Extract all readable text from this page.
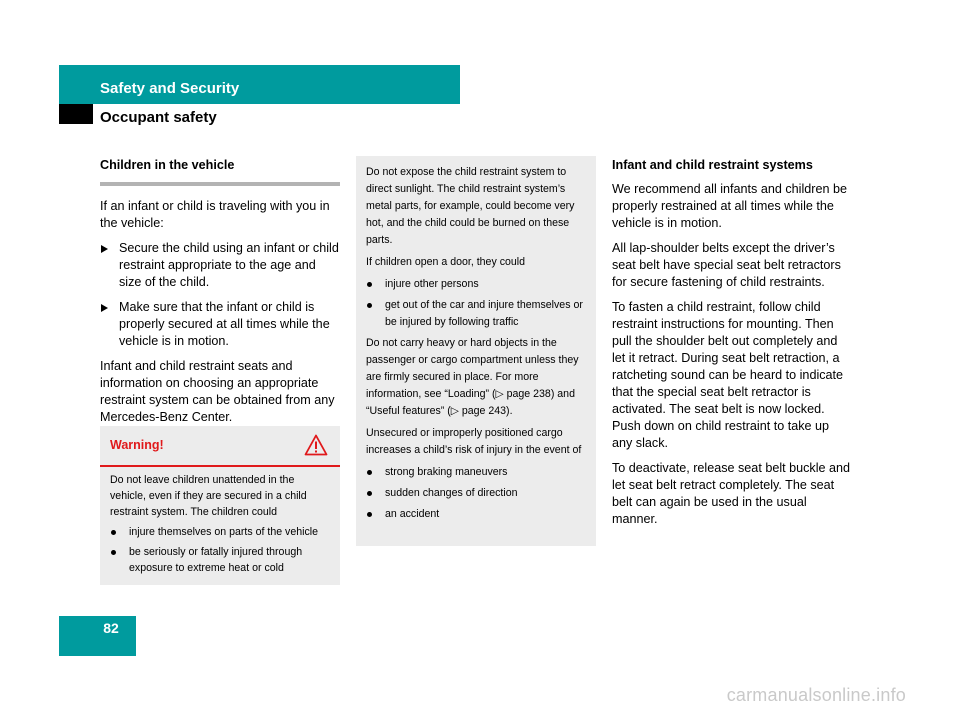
Safety and Security
Occupant safety

Children in the vehicle

If an infant or child is traveling with you in the vehicle:

Secure the child using an infant or child restraint appropriate to the age and size of the child.
Make sure that the infant or child is properly secured at all times while the vehicle is in motion.

Infant and child restraint seats and information on choosing an appropriate restraint system can be obtained from any Mercedes-Benz Center.

Warning!

Do not leave children unattended in the vehicle, even if they are secured in a child restraint system. The children could

injure themselves on parts of the vehicle
be seriously or fatally injured through exposure to extreme heat or cold

Do not expose the child restraint system to direct sunlight. The child restraint system’s metal parts, for example, could become very hot, and the child could be burned on these parts.

If children open a door, they could

injure other persons
get out of the car and injure themselves or be injured by following traffic

Do not carry heavy or hard objects in the passenger or cargo compartment unless they are firmly secured in place. For more information, see “Loading” (▷ page 238) and “Useful features” (▷ page 243).

Unsecured or improperly positioned cargo increases a child’s risk of injury in the event of

strong braking maneuvers
sudden changes of direction
an accident

Infant and child restraint systems

We recommend all infants and children be properly restrained at all times while the vehicle is in motion.

All lap-shoulder belts except the driver’s seat belt have special seat belt retractors for secure fastening of child restraints.

To fasten a child restraint, follow child restraint instructions for mounting. Then pull the shoulder belt out completely and let it retract. During seat belt retraction, a ratcheting sound can be heard to indicate that the special seat belt retractor is activated. The seat belt is now locked. Push down on child restraint to take up any slack.

To deactivate, release seat belt buckle and let seat belt retract completely. The seat belt can again be used in the usual manner.

82
carmanualsonline.info
